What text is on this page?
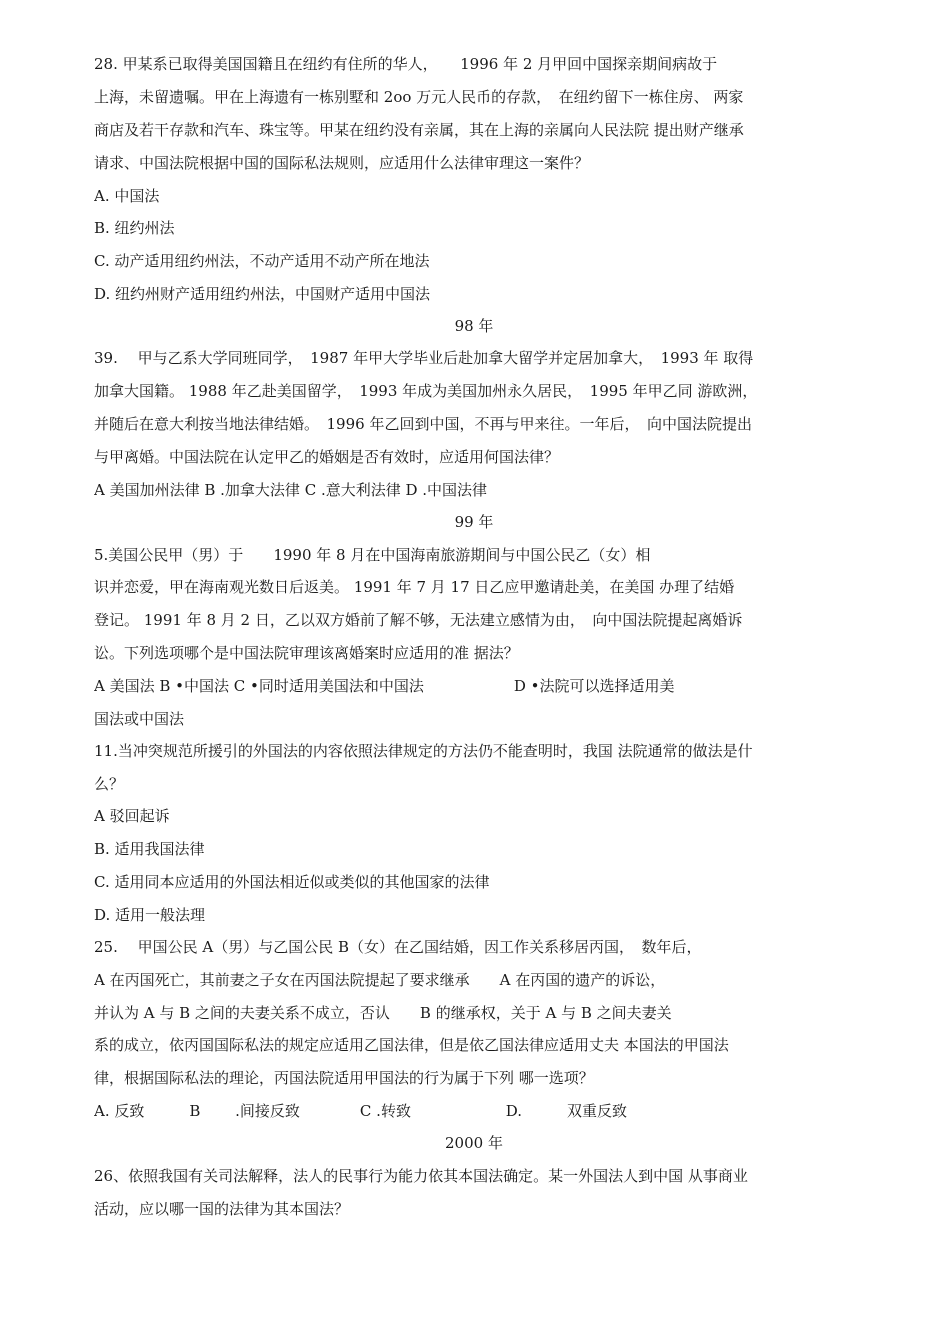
28. 甲某系已取得美国国籍且在纽约有住所的华人，　　1996 年 2 月甲回中国探亲期间病故于
上海，未留遗嘱。甲在上海遗有一栋别墅和 2oo 万元人民币的存款，　在纽约留下一栋住房、 两家
商店及若干存款和汽车、珠宝等。甲某在纽约没有亲属，其在上海的亲属向人民法院 提出财产继承
请求、中国法院根据中国的国际私法规则，应适用什么法律审理这一案件？
A. 中国法
B. 纽约州法
C. 动产适用纽约州法，不动产适用不动产所在地法
D. 纽约州财产适用纽约州法，中国财产适用中国法
98 年
39.　 甲与乙系大学同班同学，　1987 年甲大学毕业后赴加拿大留学并定居加拿大，　1993 年 取得
加拿大国籍。 1988 年乙赴美国留学，　1993 年成为美国加州永久居民，　1995 年甲乙同 游欧洲，
并随后在意大利按当地法律结婚。　1996 年乙回到中国，不再与甲来往。一年后，　向中国法院提出
与甲离婚。中国法院在认定甲乙的婚姻是否有效时，应适用何国法律？
A 美国加州法律 B .加拿大法律 C .意大利法律 D .中国法律
99 年
5.美国公民甲（男）于　　1990 年 8 月在中国海南旅游期间与中国公民乙（女）相
识并恋爱，甲在海南观光数日后返美。 1991 年 7 月 17 日乙应甲邀请赴美，在美国 办理了结婚
登记。 1991 年 8 月 2 日，乙以双方婚前了解不够，无法建立感情为由，　向中国法院提起离婚诉
讼。下列选项哪个是中国法院审理该离婚案时应适用的准 据法？
A 美国法 B •中国法 C •同时适用美国法和中国法　　　　　　D •法院可以选择适用美
国法或中国法
11.当冲突规范所援引的外国法的内容依照法律规定的方法仍不能查明时，我国 法院通常的做法是什
么？
A 驳回起诉
B. 适用我国法律
C. 适用同本应适用的外国法相近似或类似的其他国家的法律
D. 适用一般法理
25.　 甲国公民 A（男）与乙国公民 B（女）在乙国结婚，因工作关系移居丙国，　数年后，
A 在丙国死亡，其前妻之子女在丙国法院提起了要求继承　　A 在丙国的遗产的诉讼，
并认为 A 与 B 之间的夫妻关系不成立，否认　　B 的继承权，关于 A 与 B 之间夫妻关
系的成立，依丙国国际私法的规定应适用乙国法律，但是依乙国法律应适用丈夫 本国法的甲国法
律，根据国际私法的理论，丙国法院适用甲国法的行为属于下列 哪一选项？
A. 反致　　　B　　 .间接反致　　　　C .转致　　　　　　 D.　　　双重反致
2000 年
26、依照我国有关司法解释，法人的民事行为能力依其本国法确定。某一外国法人到中国 从事商业
活动，应以哪一国的法律为其本国法？
